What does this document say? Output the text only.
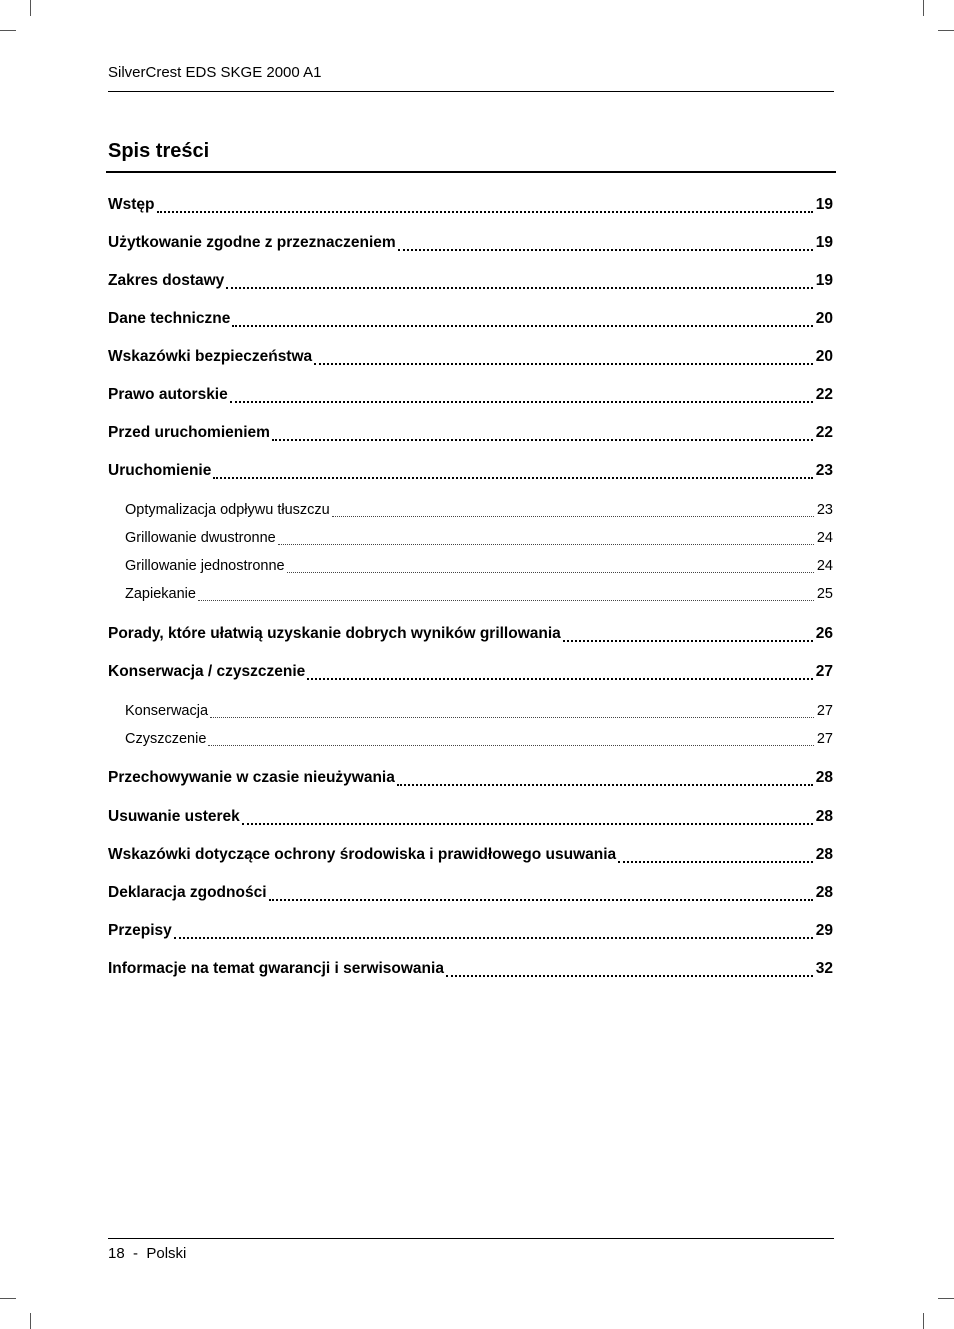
SilverCrest EDS SKGE 2000 A1
Spis treści
Wstęp	19
Użytkowanie zgodne z przeznaczeniem	19
Zakres dostawy	19
Dane techniczne	20
Wskazówki bezpieczeństwa	20
Prawo autorskie	22
Przed uruchomieniem	22
Uruchomienie	23
Optymalizacja odpływu tłuszczu	23
Grillowanie dwustronne	24
Grillowanie jednostronne	24
Zapiekanie	25
Porady, które ułatwią uzyskanie dobrych wyników grillowania	26
Konserwacja / czyszczenie	27
Konserwacja	27
Czyszczenie	27
Przechowywanie w czasie nieużywania	28
Usuwanie usterek	28
Wskazówki dotyczące ochrony środowiska i prawidłowego usuwania	28
Deklaracja zgodności	28
Przepisy	29
Informacje na temat gwarancji i serwisowania	32
18 - Polski
